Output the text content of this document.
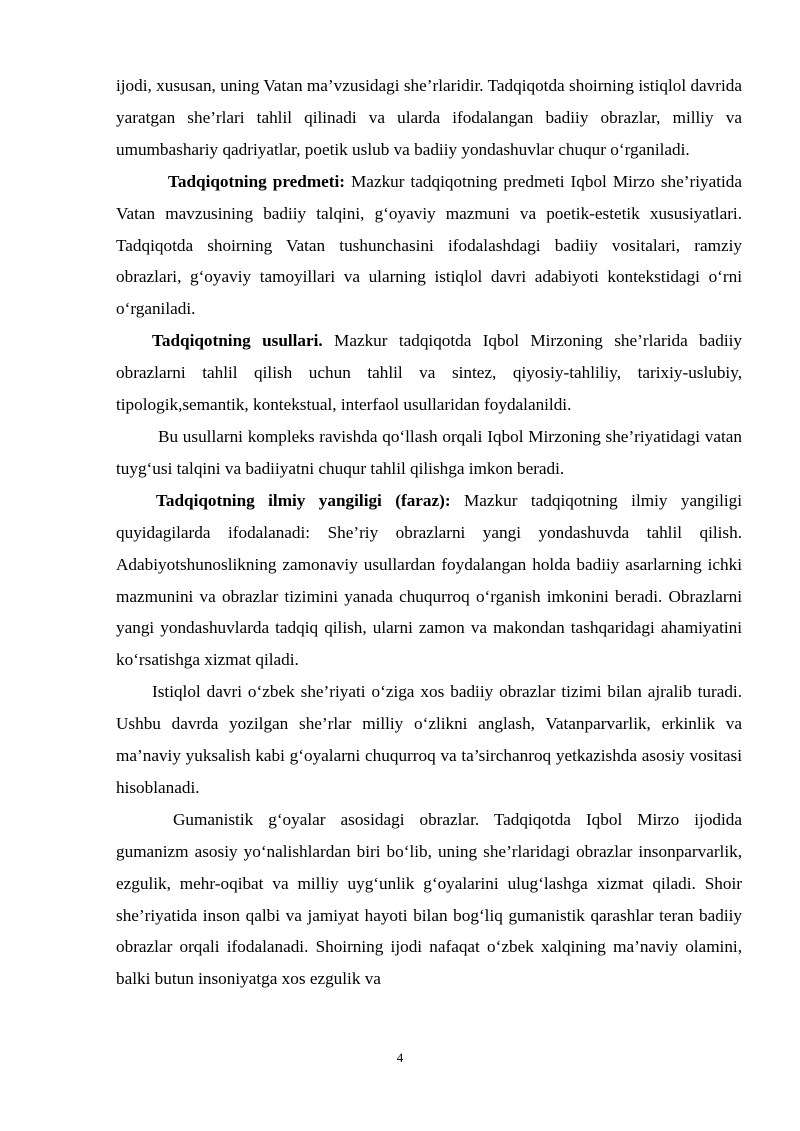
ijodi, xususan, uning Vatan ma’vzusidagi she’rlaridir. Tadqiqotda shoirning istiqlol davrida yaratgan she’rlari tahlil qilinadi va ularda ifodalangan badiiy obrazlar, milliy va umumbashariy qadriyatlar, poetik uslub va badiiy yondashuvlar chuqur o‘rganiladi.

Tadqiqotning predmeti: Mazkur tadqiqotning predmeti Iqbol Mirzo she’riyatida Vatan mavzusining badiiy talqini, g‘oyaviy mazmuni va poetik-estetik xususiyatlari. Tadqiqotda shoirning Vatan tushunchasini ifodalashdagi badiiy vositalari, ramziy obrazlari, g‘oyaviy tamoyillari va ularning istiqlol davri adabiyoti kontekstidagi o‘rni o‘rganiladi.

Tadqiqotning usullari. Mazkur tadqiqotda Iqbol Mirzoning she’rlarida badiiy obrazlarni tahlil qilish uchun tahlil va sintez, qiyosiy-tahliliy, tarixiy-uslubiy, tipologik,semantik, kontekstual, interfaol usullaridan foydalanildi.

Bu usullarni kompleks ravishda qo‘llash orqali Iqbol Mirzoning she’riyatidagi vatan tuyg‘usi talqini va badiiyatni chuqur tahlil qilishga imkon beradi.

Tadqiqotning ilmiy yangiligi (faraz): Mazkur tadqiqotning ilmiy yangiligi quyidagilarda ifodalanadi: She’riy obrazlarni yangi yondashuvda tahlil qilish. Adabiyotshunoslikning zamonaviy usullardan foydalangan holda badiiy asarlarning ichki mazmunini va obrazlar tizimini yanada chuqurroq o‘rganish imkonini beradi. Obrazlarni yangi yondashuvlarda tadqiq qilish, ularni zamon va makondan tashqaridagi ahamiyatini ko‘rsatishga xizmat qiladi.

Istiqlol davri o‘zbek she’riyati o‘ziga xos badiiy obrazlar tizimi bilan ajralib turadi. Ushbu davrda yozilgan she’rlar milliy o‘zlikni anglash, Vatanparvarlik, erkinlik va ma’naviy yuksalish kabi g‘oyalarni chuqurroq va ta’sirchanroq yetkazishda asosiy vositasi hisoblanadi.

Gumanistik g‘oyalar asosidagi obrazlar. Tadqiqotda Iqbol Mirzo ijodida gumanizm asosiy yo‘nalishlardan biri bo‘lib, uning she’rlaridagi obrazlar insonparvarlik, ezgulik, mehr-oqibat va milliy uyg‘unlik g‘oyalarini ulug‘lashga xizmat qiladi. Shoir she’riyatida inson qalbi va jamiyat hayoti bilan bog‘liq gumanistik qarashlar teran badiiy obrazlar orqali ifodalanadi. Shoirning ijodi nafaqat o‘zbek xalqining ma’naviy olamini, balki butun insoniyatga xos ezgulik va

4
